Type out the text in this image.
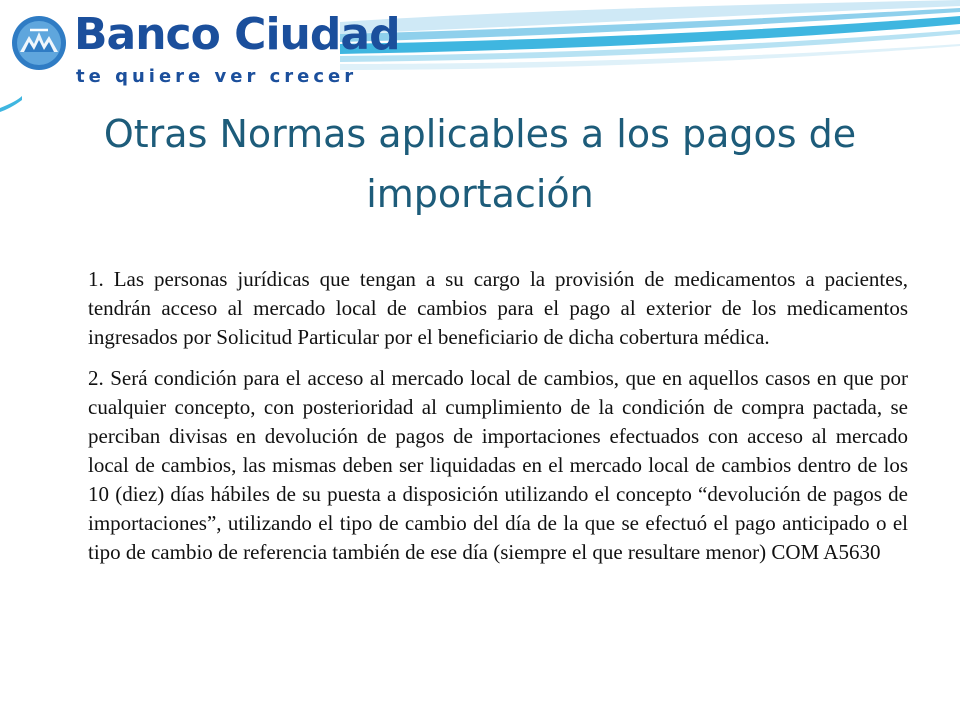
Banco Ciudad
te quiere ver crecer
Otras Normas aplicables a los pagos de importación

1. Las personas jurídicas que tengan a su cargo la provisión de medicamentos a pacientes, tendrán acceso al mercado local de cambios para el pago al exterior de los medicamentos ingresados por Solicitud Particular por el beneficiario de dicha cobertura médica.

2. Será condición para el acceso al mercado local de cambios, que en aquellos casos en que por cualquier concepto, con posterioridad al cumplimiento de la condición de compra pactada, se perciban divisas en devolución de pagos de importaciones efectuados con acceso al mercado local de cambios, las mismas deben ser liquidadas en el mercado local de cambios dentro de los 10 (diez) días hábiles de su puesta a disposición utilizando el concepto “devolución de pagos de importaciones”, utilizando el tipo de cambio del día de la que se efectuó el pago anticipado o el tipo de cambio de referencia también de ese día (siempre el que resultare menor) COM A5630
